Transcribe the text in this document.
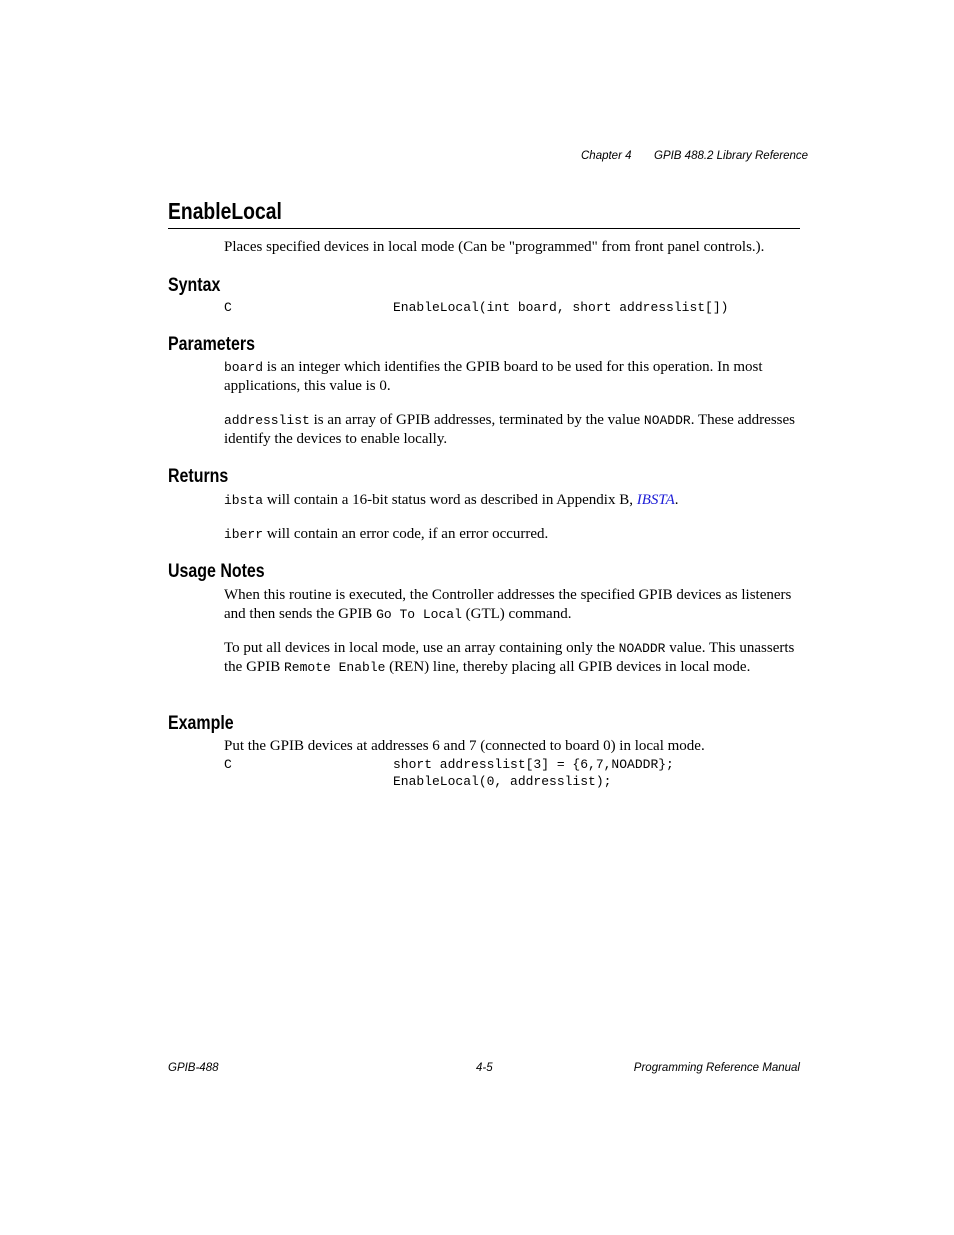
Chapter 4 GPIB 488.2 Library Reference
EnableLocal
Places specified devices in local mode (Can be "programmed" from front panel controls.).
Syntax
C	EnableLocal(int board, short addresslist[])
Parameters
board is an integer which identifies the GPIB board to be used for this operation. In most applications, this value is 0.
addresslist is an array of GPIB addresses, terminated by the value NOADDR. These addresses identify the devices to enable locally.
Returns
ibsta will contain a 16-bit status word as described in Appendix B, IBSTA.
iberr will contain an error code, if an error occurred.
Usage Notes
When this routine is executed, the Controller addresses the specified GPIB devices as listeners and then sends the GPIB Go To Local (GTL) command.
To put all devices in local mode, use an array containing only the NOADDR value. This unasserts the GPIB Remote Enable (REN) line, thereby placing all GPIB devices in local mode.
Example
Put the GPIB devices at addresses 6 and 7 (connected to board 0) in local mode.
C	short addresslist[3] = {6,7,NOADDR};
EnableLocal(0, addresslist);
GPIB-488	4-5	Programming Reference Manual
